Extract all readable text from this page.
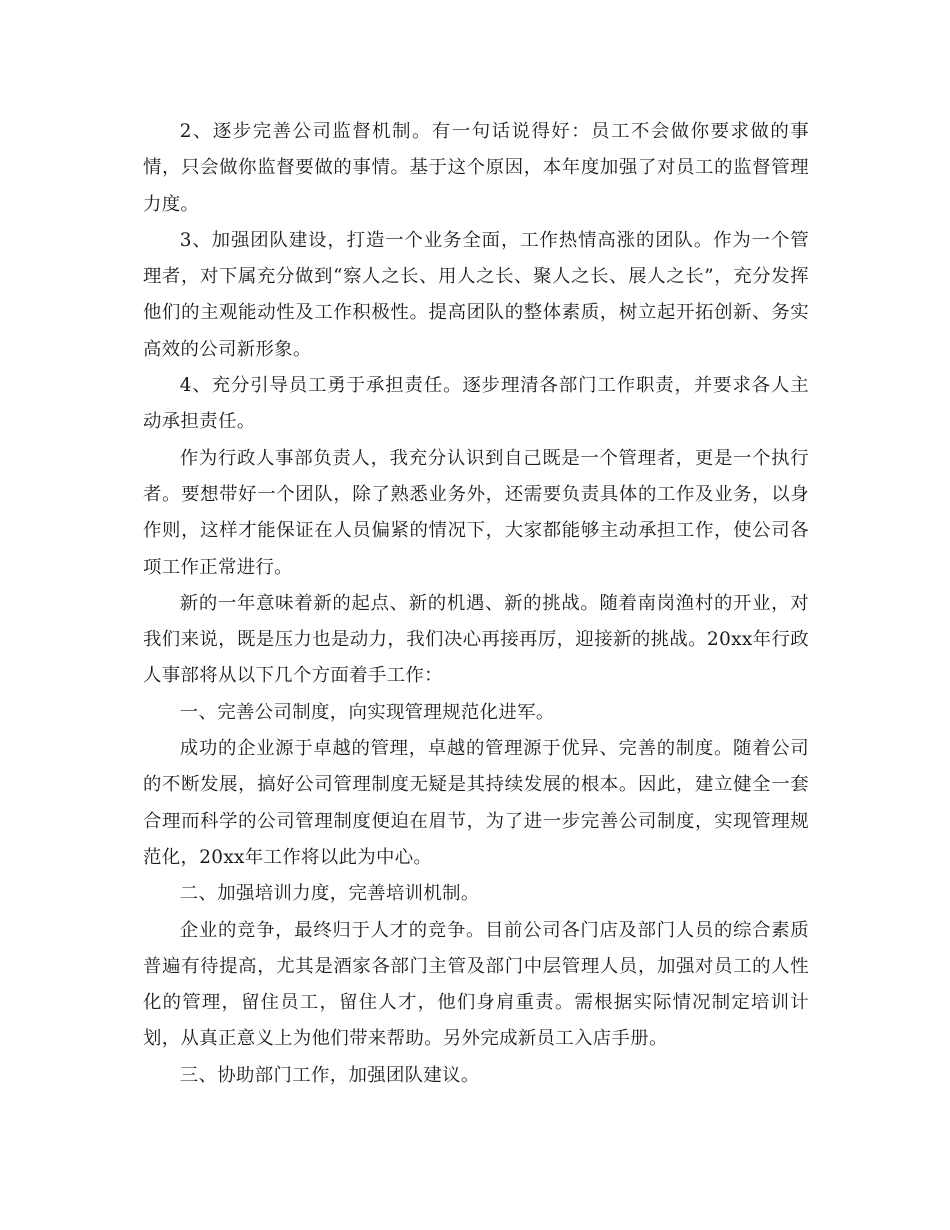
2、逐步完善公司监督机制。有一句话说得好：员工不会做你要求做的事情，只会做你监督要做的事情。基于这个原因，本年度加强了对员工的监督管理力度。

3、加强团队建设，打造一个业务全面，工作热情高涨的团队。作为一个管理者，对下属充分做到“察人之长、用人之长、聚人之长、展人之长”，充分发挥他们的主观能动性及工作积极性。提高团队的整体素质，树立起开拓创新、务实高效的公司新形象。

4、充分引导员工勇于承担责任。逐步理清各部门工作职责，并要求各人主动承担责任。

作为行政人事部负责人，我充分认识到自己既是一个管理者，更是一个执行者。要想带好一个团队，除了熟悉业务外，还需要负责具体的工作及业务，以身作则，这样才能保证在人员偏紧的情况下，大家都能够主动承担工作，使公司各项工作正常进行。

新的一年意味着新的起点、新的机遇、新的挑战。随着南岗渔村的开业，对我们来说，既是压力也是动力，我们决心再接再厉，迎接新的挑战。20xx年行政人事部将从以下几个方面着手工作：

一、完善公司制度，向实现管理规范化进军。

成功的企业源于卓越的管理，卓越的管理源于优异、完善的制度。随着公司的不断发展，搞好公司管理制度无疑是其持续发展的根本。因此，建立健全一套合理而科学的公司管理制度便迫在眉节，为了进一步完善公司制度，实现管理规范化，20xx年工作将以此为中心。

二、加强培训力度，完善培训机制。

企业的竞争，最终归于人才的竞争。目前公司各门店及部门人员的综合素质普遍有待提高，尤其是酒家各部门主管及部门中层管理人员，加强对员工的人性化的管理，留住员工，留住人才，他们身肩重责。需根据实际情况制定培训计划，从真正意义上为他们带来帮助。另外完成新员工入店手册。

三、协助部门工作，加强团队建议。
